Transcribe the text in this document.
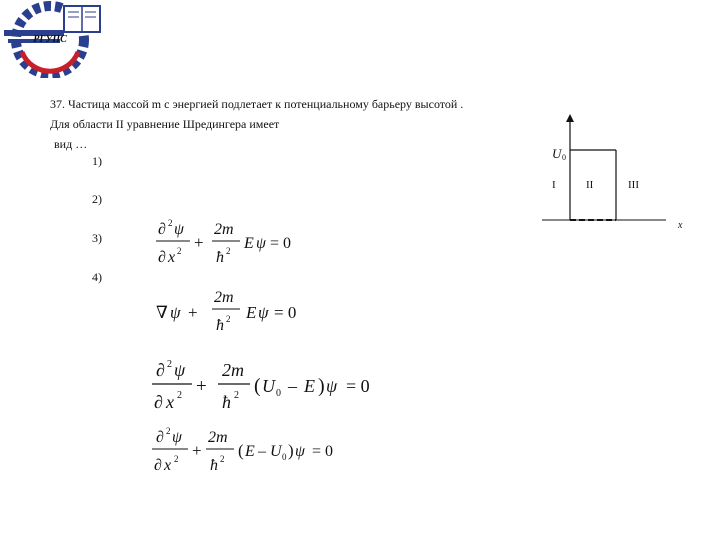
РГУПС
37. Частица массой m с энергией подлетает к потенциальному барьеру высотой .
Для области II уравнение Шредингера имеет
вид …
1)
2)
3)
4)
∂ 2 ψ
∂ x 2 +
2m
ħ 2 E ψ = 0
∇ ψ +
2m
ħ 2 E ψ = 0
∂ 2 ψ
∂ x 2 +
2m
ħ 2 ( U 0 – E ) ψ = 0
∂ 2 ψ
∂ x 2 +
2m
ħ 2 ( E – U 0 ) ψ = 0
U 0
I	II	III
x
